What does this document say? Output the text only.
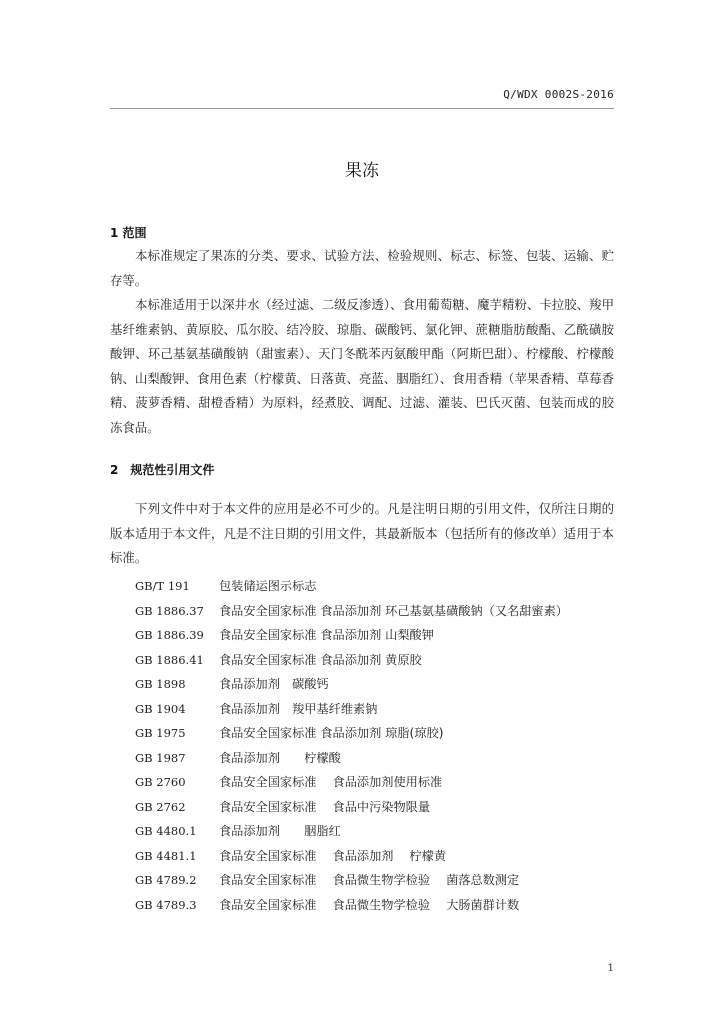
Q/WDX 0002S-2016
果冻
1 范围

本标准规定了果冻的分类、要求、试验方法、检验规则、标志、标签、包装、运输、贮存等。

本标准适用于以深井水（经过滤、二级反渗透）、食用葡萄糖、魔芋精粉、卡拉胶、羧甲基纤维素钠、黄原胶、瓜尔胶、结冷胶、琼脂、碳酸钙、氯化钾、蔗糖脂肪酸酯、乙酰磺胺酸钾、环己基氨基磺酸钠（甜蜜素）、天门冬酰苯丙氨酸甲酯（阿斯巴甜）、柠檬酸、柠檬酸钠、山梨酸钾、食用色素（柠檬黄、日落黄、亮蓝、胭脂红）、食用香精（苹果香精、草莓香精、菠萝香精、甜橙香精）为原料，经煮胶、调配、过滤、灌装、巴氏灭菌、包装而成的胶冻食品。

2　规范性引用文件

下列文件中对于本文件的应用是必不可少的。凡是注明日期的引用文件，仅所注日期的版本适用于本文件，凡是不注日期的引用文件，其最新版本（包括所有的修改单）适用于本标准。

GB/T 191 包装储运图示标志
GB 1886.37 食品安全国家标准 食品添加剂 环己基氨基磺酸钠（又名甜蜜素）
GB 1886.39 食品安全国家标准 食品添加剂 山梨酸钾
GB 1886.41 食品安全国家标准 食品添加剂 黄原胶
GB 1898	食品添加剂　碳酸钙
GB 1904	食品添加剂　羧甲基纤维素钠
GB 1975	食品安全国家标准 食品添加剂 琼脂(琼胶)
GB 1987	食品添加剂　　柠檬酸
GB 2760	食品安全国家标准　 食品添加剂使用标准
GB 2762	食品安全国家标准　 食品中污染物限量
GB 4480.1 食品添加剂　　胭脂红
GB 4481.1 食品安全国家标准　 食品添加剂　 柠檬黄
GB 4789.2 食品安全国家标准　 食品微生物学检验　 菌落总数测定
GB 4789.3 食品安全国家标准　 食品微生物学检验　 大肠菌群计数
1
